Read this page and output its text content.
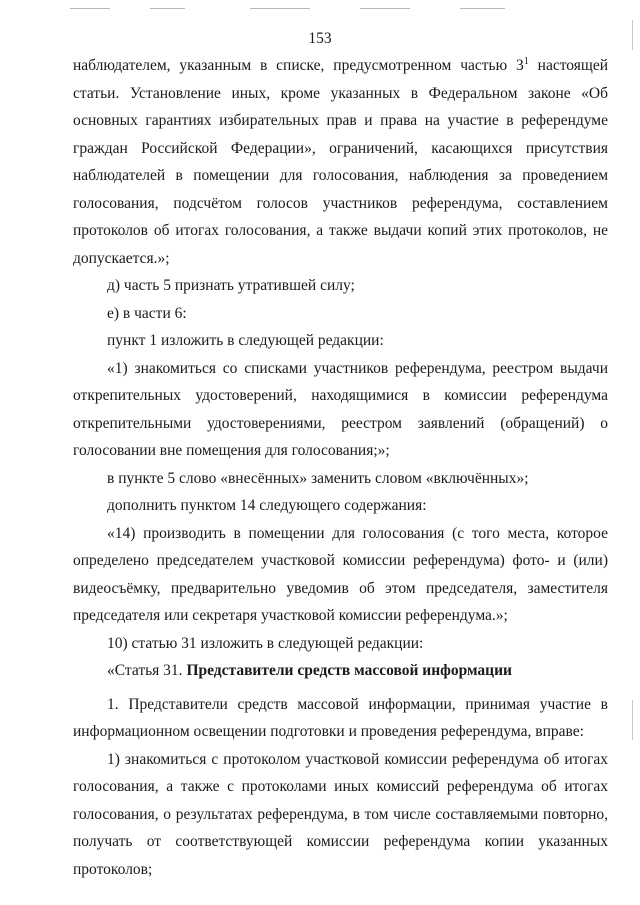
153

наблюдателем, указанным в списке, предусмотренном частью $3^1$ настоящей статьи. Установление иных, кроме указанных в Федеральном законе «Об основных гарантиях избирательных прав и права на участие в референдуме граждан Российской Федерации», ограничений, касающихся присутствия наблюдателей в помещении для голосования, наблюдения за проведением голосования, подсчётом голосов участников референдума, составлением протоколов об итогах голосования, а также выдачи копий этих протоколов, не допускается.»;

д) часть 5 признать утратившей силу;

е) в части 6:

пункт 1 изложить в следующей редакции:

«1) знакомиться со списками участников референдума, реестром выдачи открепительных удостоверений, находящимися в комиссии референдума открепительными удостоверениями, реестром заявлений (обращений) о голосовании вне помещения для голосования;»;

в пункте 5 слово «внесённых» заменить словом «включённых»;

дополнить пунктом 14 следующего содержания:

«14) производить в помещении для голосования (с того места, которое определено председателем участковой комиссии референдума) фото- и (или) видеосъёмку, предварительно уведомив об этом председателя, заместителя председателя или секретаря участковой комиссии референдума.»;

10) статью 31 изложить в следующей редакции:

«Статья 31. Представители средств массовой информации

1. Представители средств массовой информации, принимая участие в информационном освещении подготовки и проведения референдума, вправе:

1) знакомиться с протоколом участковой комиссии референдума об итогах голосования, а также с протоколами иных комиссий референдума об итогах голосования, о результатах референдума, в том числе составляемыми повторно, получать от соответствующей комиссии референдума копии указанных протоколов;
